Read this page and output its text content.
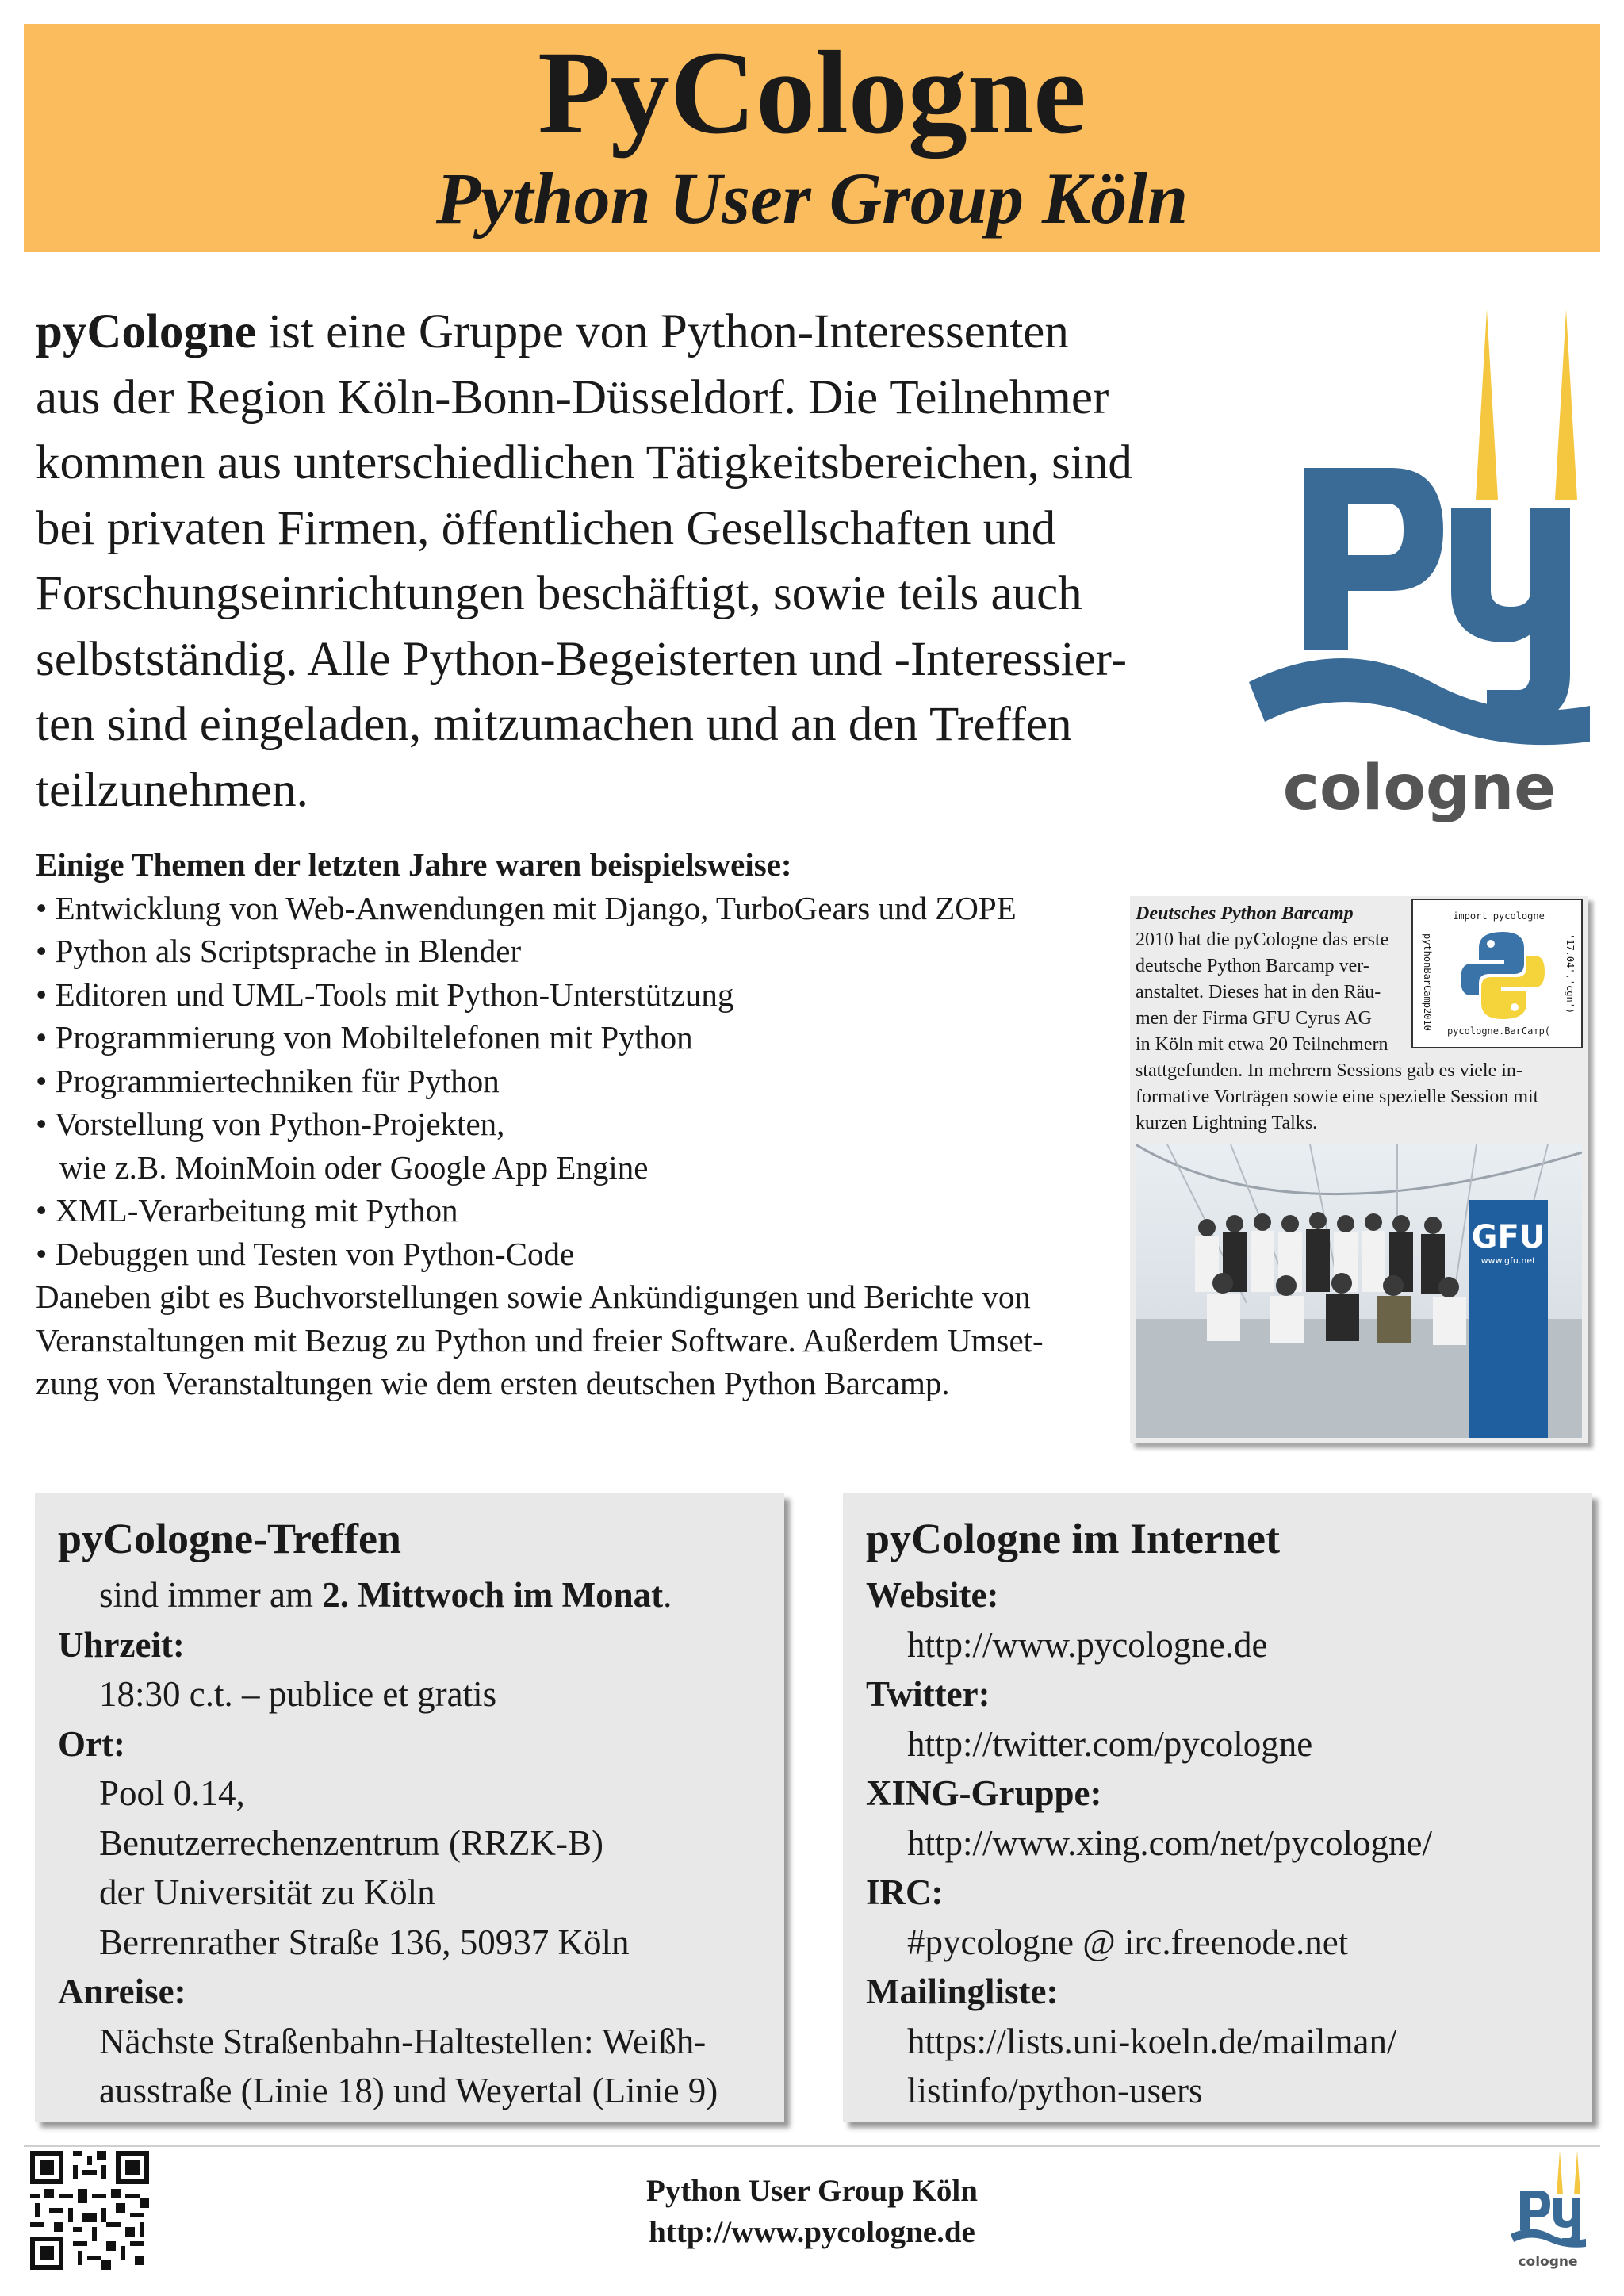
PyCologne
Python User Group Köln
pyCologne ist eine Gruppe von Python-Interessenten
aus der Region Köln-Bonn-Düsseldorf. Die Teilnehmer
kommen aus unterschiedlichen Tätigkeitsbereichen, sind
bei privaten Firmen, öffentlichen Gesellschaften und
Forschungseinrichtungen beschäftigt, sowie teils auch
selbstständig. Alle Python-Begeisterten und -Interessier-
ten sind eingeladen, mitzumachen und an den Treffen
teilzunehmen.	cologne
Einige Themen der letzten Jahre waren beispielsweise:
• Entwicklung von Web-Anwendungen mit Django, TurboGears und ZOPE
• Python als Scriptsprache in Blender
• Editoren und UML-Tools mit Python-Unterstützung
• Programmierung von Mobiltelefonen mit Python
• Programmiertechniken für Python
• Vorstellung von Python-Projekten,
wie z.B. MoinMoin oder Google App Engine
• XML-Verarbeitung mit Python
• Debuggen und Testen von Python-Code
Daneben gibt es Buchvorstellungen sowie Ankündigungen und Berichte von
Veranstaltungen mit Bezug zu Python und freier Software. Außerdem Umset-
zung von Veranstaltungen wie dem ersten deutschen Python Barcamp.
Deutsches Python Barcamp
2010 hat die pyCologne das erste
deutsche Python Barcamp ver-
anstaltet. Dieses hat in den Räu-
men der Firma GFU Cyrus AG
in Köln mit etwa 20 Teilnehmern
stattgefunden. In mehrern Sessions gab es viele in-
formative Vorträgen sowie eine spezielle Session mit
kurzen Lightning Talks.
import pycologne
pycologne.BarCamp(
pythonBarCamp2010	'17.04','cgn')
GFU
www.gfu.net
pyCologne-Treffen
sind immer am 2. Mittwoch im Monat.
Uhrzeit:
18:30 c.t. – publice et gratis
Ort:
Pool 0.14,
Benutzerrechenzentrum (RRZK-B)
der Universität zu Köln
Berrenrather Straße 136, 50937 Köln
Anreise:
Nächste Straßenbahn-Haltestellen: Weißh-
ausstraße (Linie 18) und Weyertal (Linie 9)
pyCologne im Internet
Website:
http://www.pycologne.de
Twitter:
http://twitter.com/pycologne
XING-Gruppe:
http://www.xing.com/net/pycologne/
IRC:
#pycologne @ irc.freenode.net
Mailingliste:
https://lists.uni-koeln.de/mailman/
listinfo/python-users
Python User Group Köln
http://www.pycologne.de
cologne
